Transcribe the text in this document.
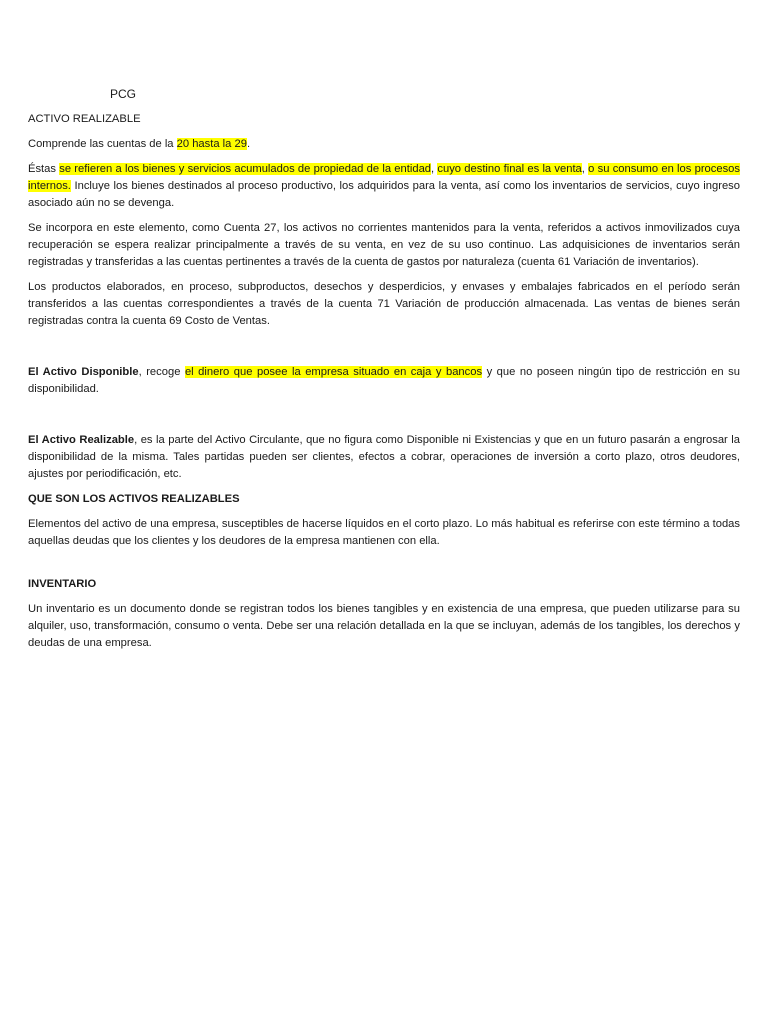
PCG

ACTIVO REALIZABLE

Comprende las cuentas de la 20 hasta la 29.

Éstas se refieren a los bienes y servicios acumulados de propiedad de la entidad, cuyo destino final es la venta, o su consumo en los procesos internos. Incluye los bienes destinados al proceso productivo, los adquiridos para la venta, así como los inventarios de servicios, cuyo ingreso asociado aún no se devenga.

Se incorpora en este elemento, como Cuenta 27, los activos no corrientes mantenidos para la venta, referidos a activos inmovilizados cuya recuperación se espera realizar principalmente a través de su venta, en vez de su uso continuo. Las adquisiciones de inventarios serán registradas y transferidas a las cuentas pertinentes a través de la cuenta de gastos por naturaleza (cuenta 61 Variación de inventarios).

Los productos elaborados, en proceso, subproductos, desechos y desperdicios, y envases y embalajes fabricados en el período serán transferidos a las cuentas correspondientes a través de la cuenta 71 Variación de producción almacenada. Las ventas de bienes serán registradas contra la cuenta 69 Costo de Ventas.

El Activo Disponible, recoge el dinero que posee la empresa situado en caja y bancos y que no poseen ningún tipo de restricción en su disponibilidad.

El Activo Realizable, es la parte del Activo Circulante, que no figura como Disponible ni Existencias y que en un futuro pasarán a engrosar la disponibilidad de la misma. Tales partidas pueden ser clientes, efectos a cobrar, operaciones de inversión a corto plazo, otros deudores, ajustes por periodificación, etc.

QUE SON LOS ACTIVOS REALIZABLES

Elementos del activo de una empresa, susceptibles de hacerse líquidos en el corto plazo. Lo más habitual es referirse con este término a todas aquellas deudas que los clientes y los deudores de la empresa mantienen con ella.

INVENTARIO

Un inventario es un documento donde se registran todos los bienes tangibles y en existencia de una empresa, que pueden utilizarse para su alquiler, uso, transformación, consumo o venta. Debe ser una relación detallada en la que se incluyan, además de los tangibles, los derechos y deudas de una empresa.
